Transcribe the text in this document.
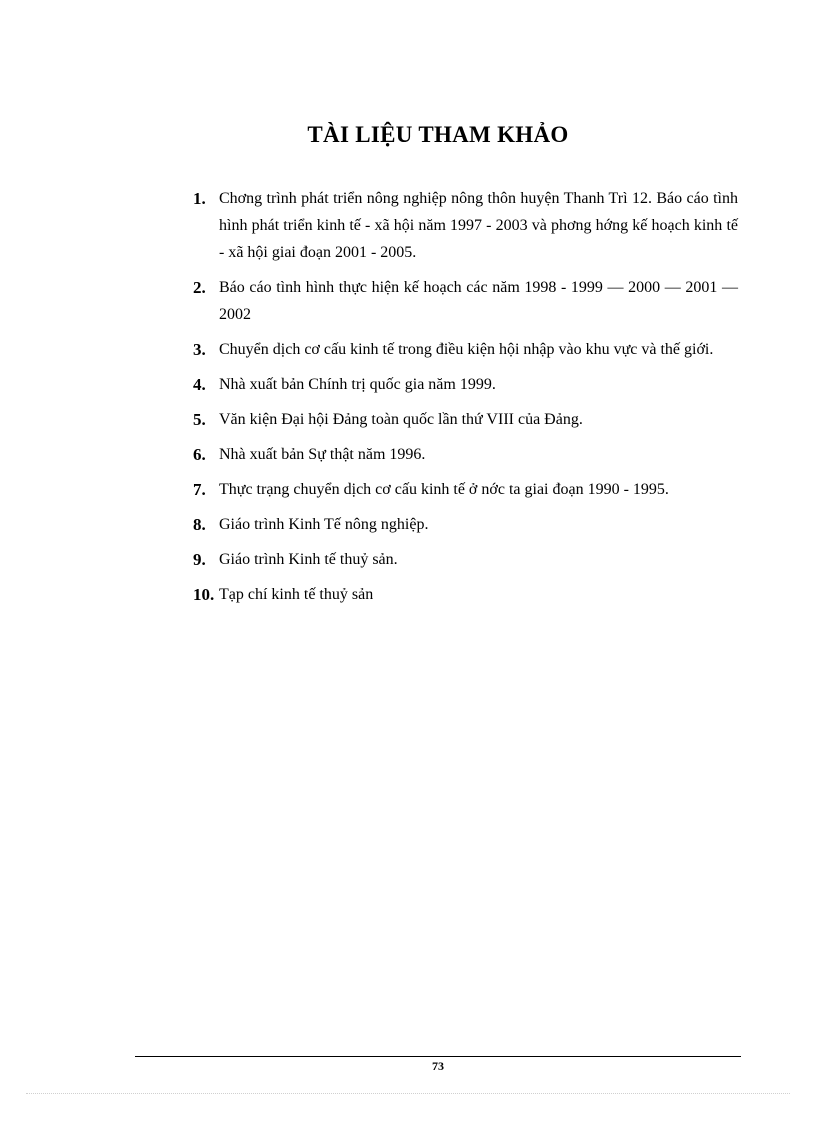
TÀI LIỆU THAM KHẢO
1. Chơng trình phát triển nông nghiệp nông thôn huyện Thanh Trì 12. Báo cáo tình hình phát triển kinh tế - xã hội năm 1997 - 2003 và phơng hớng kế hoạch kinh tế - xã hội giai đoạn 2001 - 2005.
2. Báo cáo tình hình thực hiện kế hoạch các năm 1998 - 1999 — 2000 — 2001 — 2002
3. Chuyển dịch cơ cấu kinh tế trong điều kiện hội nhập vào khu vực và thế giới.
4. Nhà xuất bản Chính trị quốc gia năm 1999.
5. Văn kiện Đại hội Đảng toàn quốc lần thứ VIII của Đảng.
6. Nhà xuất bản Sự thật năm 1996.
7. Thực trạng chuyển dịch cơ cấu kinh tế ở nớc ta giai đoạn 1990 - 1995.
8. Giáo trình Kinh Tế nông nghiệp.
9. Giáo trình Kinh tế thuỷ sản.
10. Tạp chí kinh tế thuỷ sản
73
